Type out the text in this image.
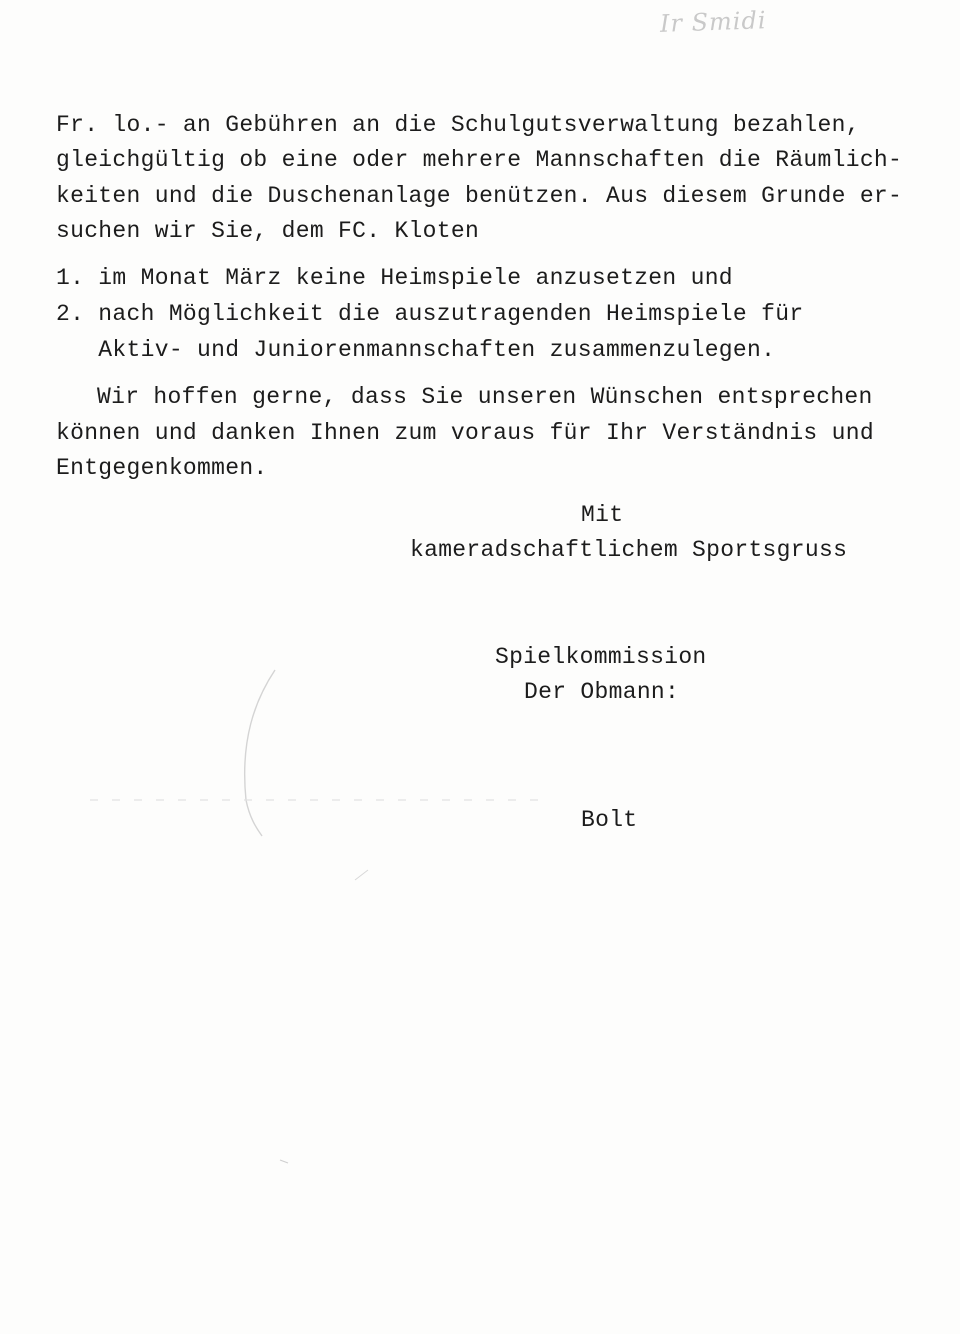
Ir Smidi
Fr. lo.- an Gebühren an die Schulgutsverwaltung bezahlen,
gleichgültig ob eine oder mehrere Mannschaften die Räumlich-
keiten und die Duschenanlage benützen. Aus diesem Grunde er-
suchen wir Sie, dem FC. Kloten
1. im Monat März keine Heimspiele anzusetzen und
2. nach Möglichkeit die auszutragenden Heimspiele für
Aktiv- und Juniorenmannschaften zusammenzulegen.
Wir hoffen gerne, dass Sie unseren Wünschen entsprechen
können und danken Ihnen zum voraus für Ihr Verständnis und
Entgegenkommen.
Mit
kameradschaftlichem Sportsgruss
Spielkommission
Der Obmann:
Bolt
